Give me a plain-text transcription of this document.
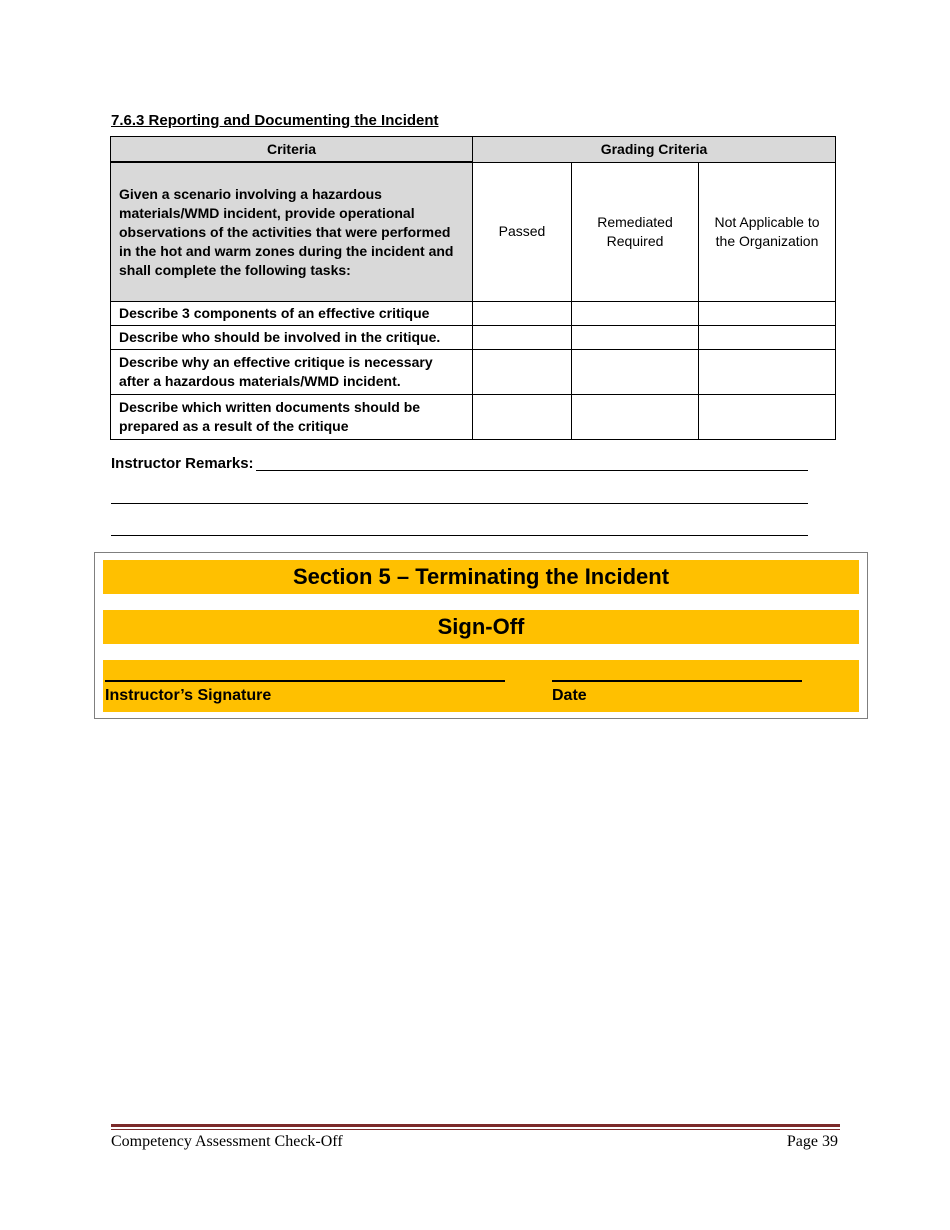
7.6.3 Reporting and Documenting the Incident
Criteria	Grading Criteria		
Given a scenario involving a hazardous materials/WMD incident, provide operational observations of the activities that were performed in the hot and warm zones during the incident and shall complete the following tasks:	Passed	Remediated Required	Not Applicable to the Organization
Describe 3 components of an effective critique			
Describe who should be involved in the critique.			
Describe why an effective critique is necessary after a hazardous materials/WMD incident.			
Describe which written documents should be prepared as a result of the critique			
Instructor Remarks:
Section 5 – Terminating the Incident
Sign-Off
Instructor’s Signature	Date
Competency Assessment Check-Off	Page 39
